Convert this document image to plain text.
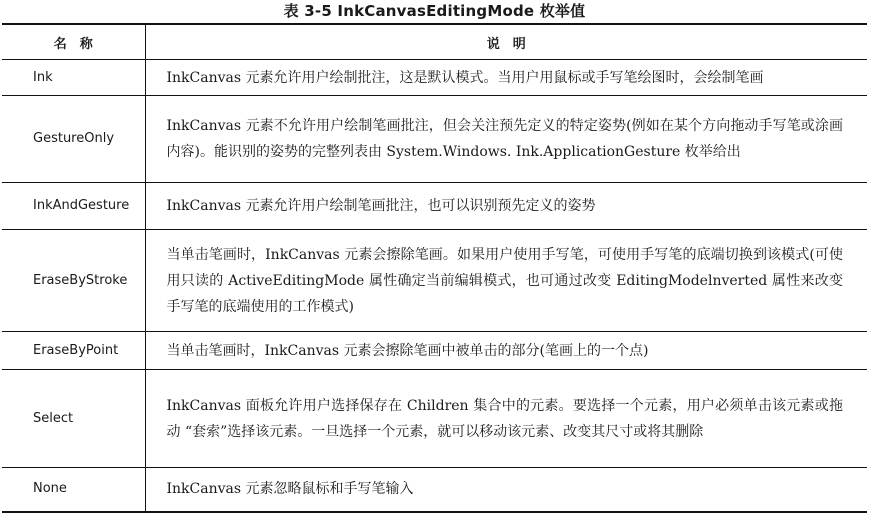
表 3-5 InkCanvasEditingMode 枚举值
名　称	说　明
Ink	InkCanvas 元素允许用户绘制批注，这是默认模式。当用户用鼠标或手写笔绘图时，会绘制笔画
GestureOnly	InkCanvas 元素不允许用户绘制笔画批注，但会关注预先定义的特定姿势(例如在某个方向拖动手写笔或涂画内容)。能识别的姿势的完整列表由 System.Windows. Ink.ApplicationGesture 枚举给出
InkAndGesture	InkCanvas 元素允许用户绘制笔画批注，也可以识别预先定义的姿势
EraseByStroke	当单击笔画时，InkCanvas 元素会擦除笔画。如果用户使用手写笔，可使用手写笔的底端切换到该模式(可使用只读的 ActiveEditingMode 属性确定当前编辑模式，也可通过改变 EditingModelnverted 属性来改变手写笔的底端使用的工作模式)
EraseByPoint	当单击笔画时，InkCanvas 元素会擦除笔画中被单击的部分(笔画上的一个点)
Select	InkCanvas 面板允许用户选择保存在 Children 集合中的元素。要选择一个元素，用户必须单击该元素或拖动 “套索”选择该元素。一旦选择一个元素，就可以移动该元素、改变其尺寸或将其删除
None	InkCanvas 元素忽略鼠标和手写笔输入
